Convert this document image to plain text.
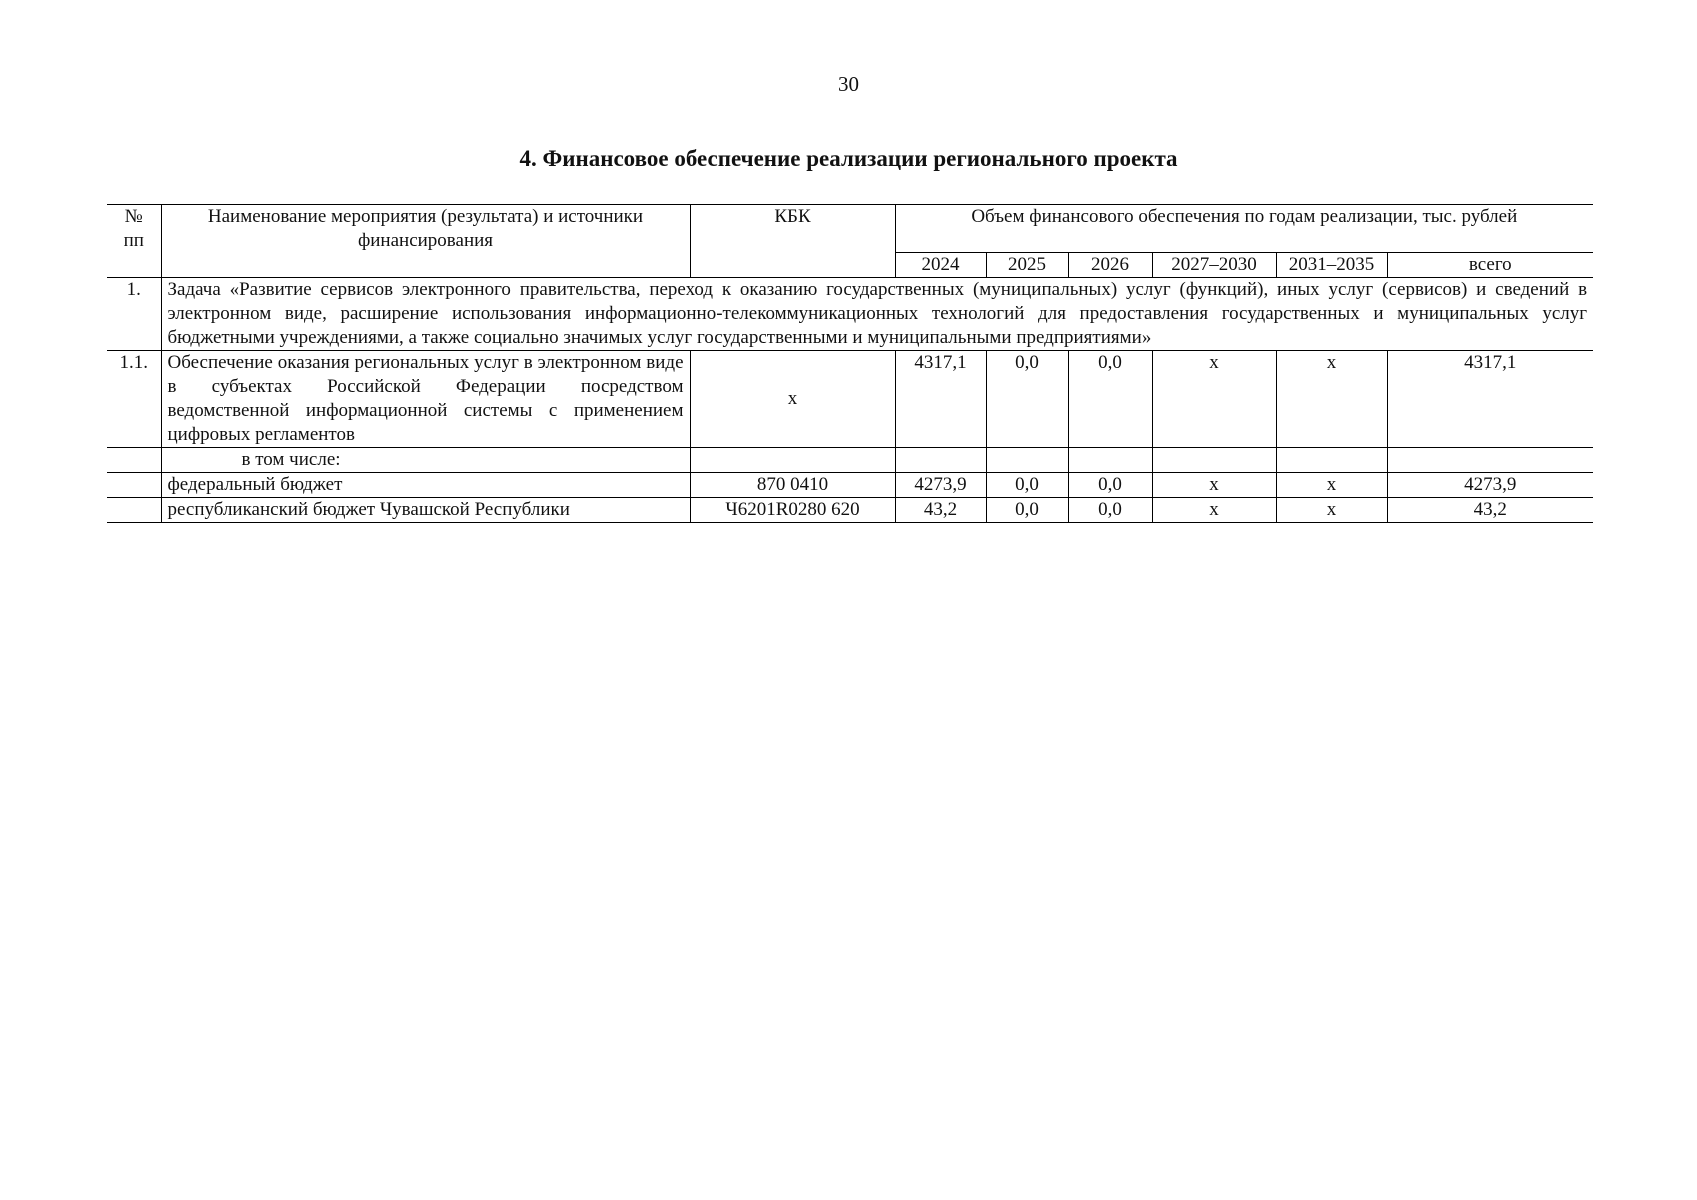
30
4. Финансовое обеспечение реализации регионального проекта
№ пп	Наименование мероприятия (результата) и источники финансирования	КБК	Объем финансового обеспечения по годам реализации, тыс. рублей					
			2024	2025	2026	2027–2030	2031–2035	всего
1.	Задача «Развитие сервисов электронного правительства, переход к оказанию государственных (муниципальных) услуг (функций), иных услуг (сервисов) и сведений в электронном виде, расширение использования информационно-телекоммуникационных технологий для предоставления государственных и муниципальных услуг бюджетными учреждениями, а также социально значимых услуг государственными и муниципальными предприятиями»							
1.1.	Обеспечение оказания региональных услуг в электронном виде в субъектах Российской Федерации посредством ведомственной информационной системы с применением цифровых регламентов	x	4317,1	0,0	0,0	x	x	4317,1
	в том числе:							
	федеральный бюджет	870 0410	4273,9	0,0	0,0	x	x	4273,9
	республиканский бюджет Чувашской Республики	Ч6201R0280 620	43,2	0,0	0,0	x	x	43,2
